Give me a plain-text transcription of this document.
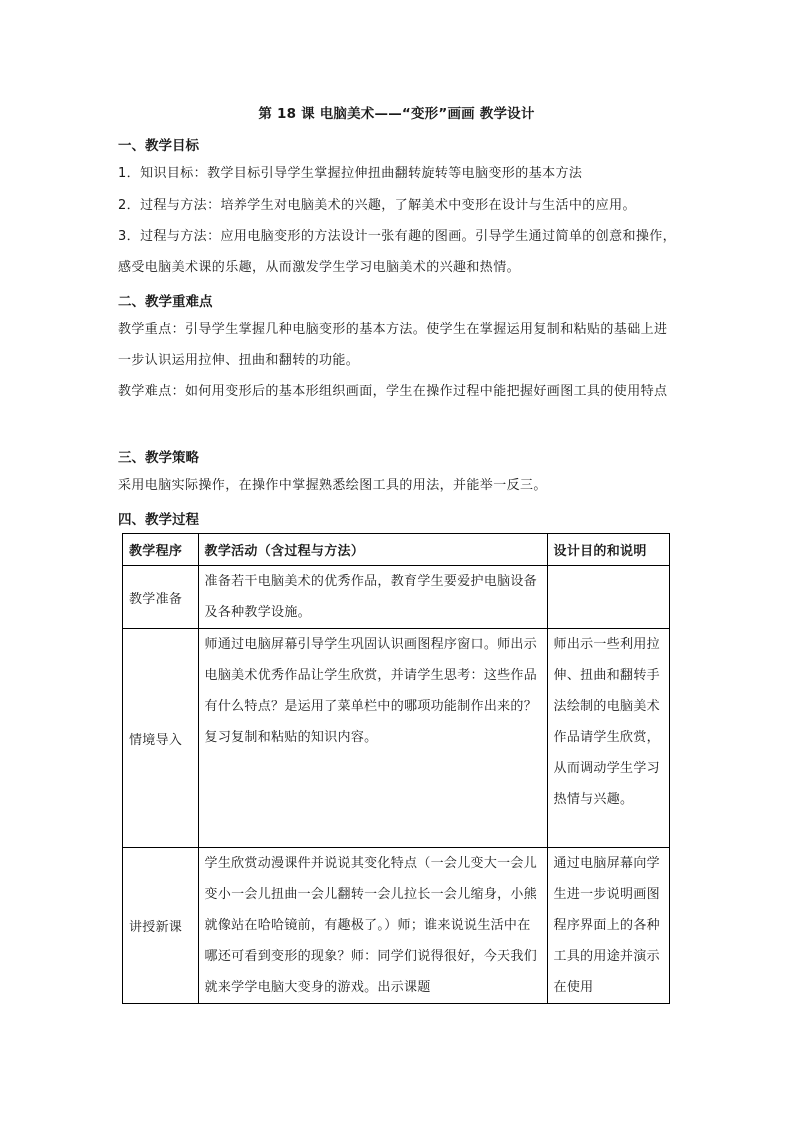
第 18 课 电脑美术——“变形”画画 教学设计
一、教学目标
1．知识目标：教学目标引导学生掌握拉伸扭曲翻转旋转等电脑变形的基本方法
2．过程与方法：培养学生对电脑美术的兴趣，了解美术中变形在设计与生活中的应用。
3．过程与方法：应用电脑变形的方法设计一张有趣的图画。引导学生通过简单的创意和操作，感受电脑美术课的乐趣，从而激发学生学习电脑美术的兴趣和热情。
二、教学重难点
教学重点：引导学生掌握几种电脑变形的基本方法。使学生在掌握运用复制和粘贴的基础上进一步认识运用拉伸、扭曲和翻转的功能。
教学难点：如何用变形后的基本形组织画面，学生在操作过程中能把握好画图工具的使用特点
三、教学策略
采用电脑实际操作，在操作中掌握熟悉绘图工具的用法，并能举一反三。
四、教学过程
教学程序	教学活动（含过程与方法）	设计目的和说明
教学准备	准备若干电脑美术的优秀作品，教育学生要爱护电脑设备及各种教学设施。	
情境导入	师通过电脑屏幕引导学生巩固认识画图程序窗口。师出示电脑美术优秀作品让学生欣赏，并请学生思考：这些作品有什么特点？是运用了菜单栏中的哪项功能制作出来的？复习复制和粘贴的知识内容。	师出示一些利用拉伸、扭曲和翻转手法绘制的电脑美术作品请学生欣赏，从而调动学生学习热情与兴趣。
讲授新课	学生欣赏动漫课件并说说其变化特点（一会儿变大一会儿变小一会儿扭曲一会儿翻转一会儿拉长一会儿缩身，小熊就像站在哈哈镜前，有趣极了。）师；谁来说说生活中在哪还可看到变形的现象？师：同学们说得很好，今天我们就来学学电脑大变身的游戏。出示课题	通过电脑屏幕向学生进一步说明画图程序界面上的各种工具的用途并演示在使用
